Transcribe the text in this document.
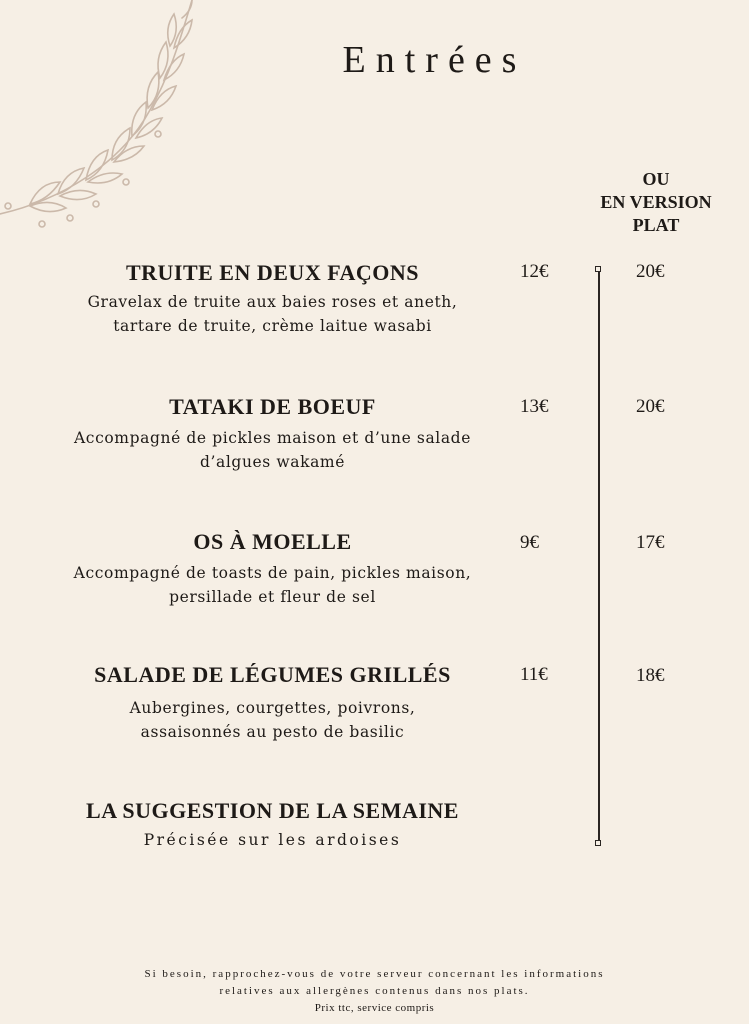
Entrées
OU
EN VERSION
PLAT
TRUITE EN DEUX FAÇONS
Gravelax de truite aux baies roses et aneth,
tartare de truite, crème laitue wasabi
12€	20€
TATAKI DE BOEUF
Accompagné de pickles maison et d’une salade
d’algues wakamé
13€	20€
OS À MOELLE
Accompagné de toasts de pain, pickles maison,
persillade et fleur de sel
9€	17€
SALADE DE LÉGUMES GRILLÉS
Aubergines, courgettes, poivrons,
assaisonnés au pesto de basilic
11€	18€
LA SUGGESTION DE LA SEMAINE
Précisée sur les ardoises
Si besoin, rapprochez-vous de votre serveur concernant les informations
relatives aux allergènes contenus dans nos plats.
Prix ttc, service compris
